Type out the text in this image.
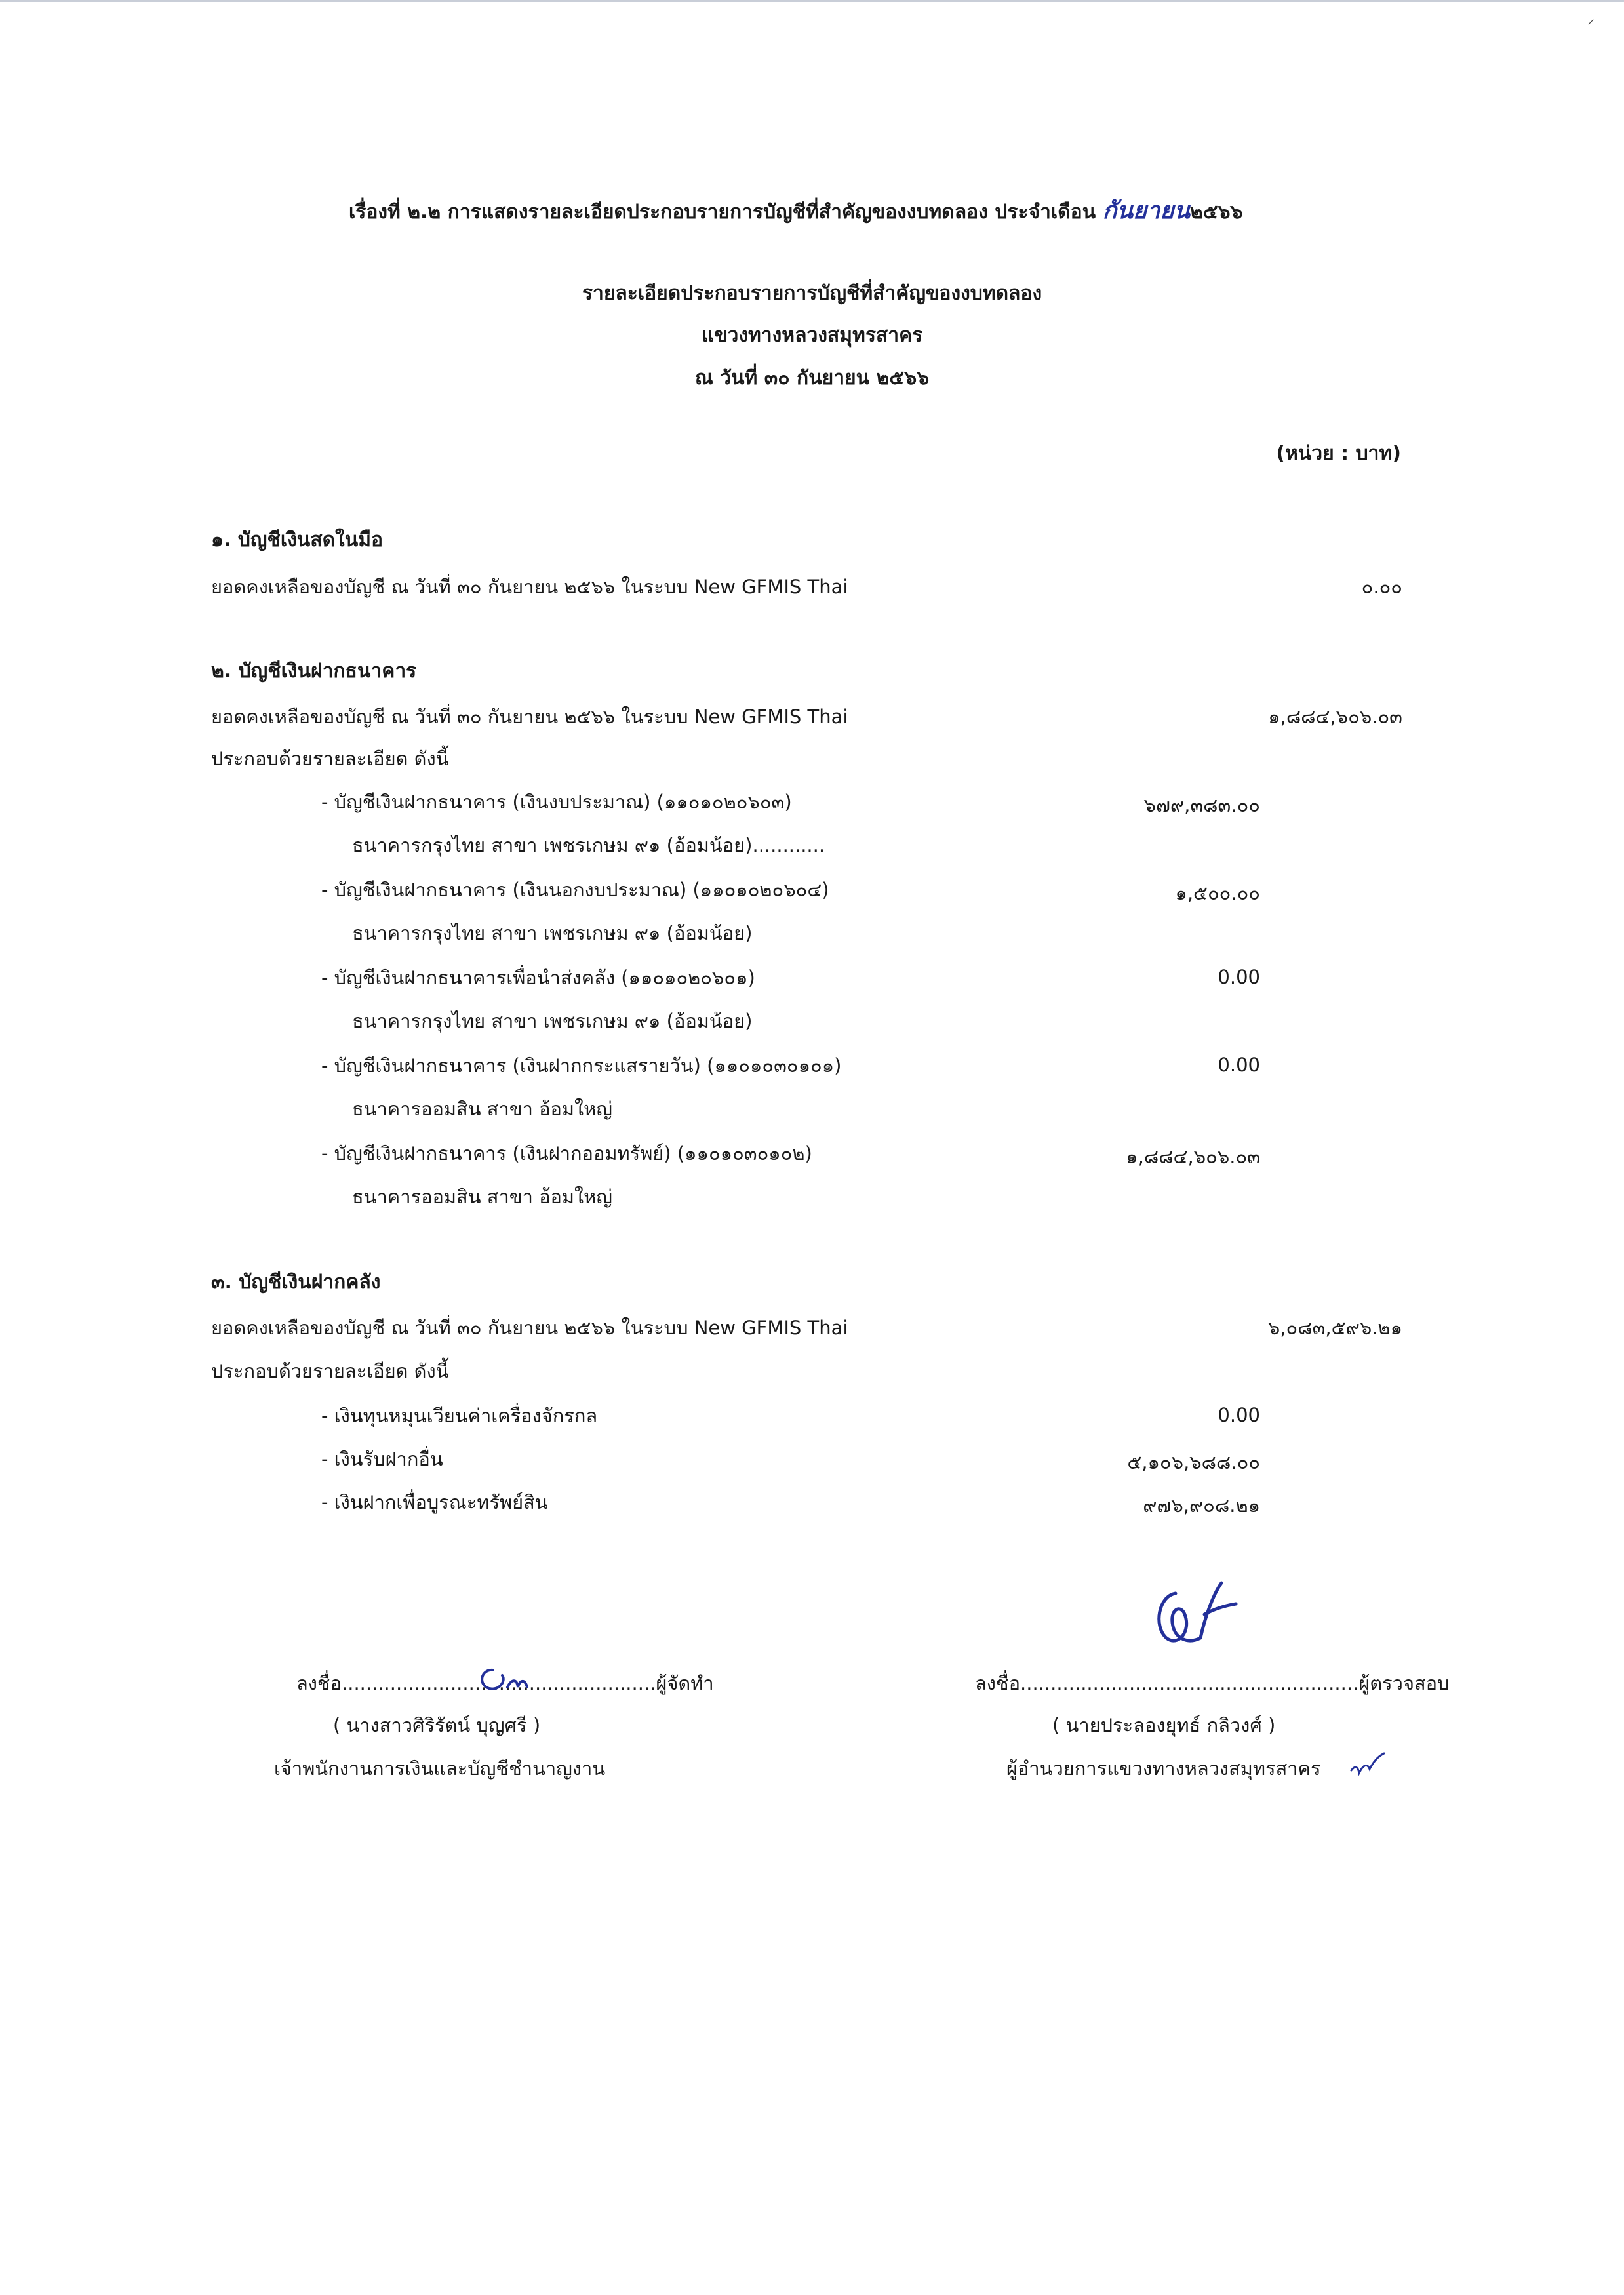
⸍
เรื่องที่ ๒.๒ การแสดงรายละเอียดประกอบรายการบัญชีที่สำคัญของงบทดลอง ประจำเดือน กันยายน๒๕๖๖
รายละเอียดประกอบรายการบัญชีที่สำคัญของงบทดลอง
แขวงทางหลวงสมุทรสาคร
ณ วันที่ ๓๐ กันยายน ๒๕๖๖
(หน่วย : บาท)
๑. บัญชีเงินสดในมือ
ยอดคงเหลือของบัญชี ณ วันที่ ๓๐ กันยายน ๒๕๖๖ ในระบบ New GFMIS Thai	๐.๐๐
๒. บัญชีเงินฝากธนาคาร
ยอดคงเหลือของบัญชี ณ วันที่ ๓๐ กันยายน ๒๕๖๖ ในระบบ New GFMIS Thai	๑,๘๘๔,๖๐๖.๐๓
ประกอบด้วยรายละเอียด ดังนี้
- บัญชีเงินฝากธนาคาร (เงินงบประมาณ) (๑๑๐๑๐๒๐๖๐๓)	๖๗๙,๓๘๓.๐๐
ธนาคารกรุงไทย สาขา เพชรเกษม ๙๑ (อ้อมน้อย)............
- บัญชีเงินฝากธนาคาร (เงินนอกงบประมาณ) (๑๑๐๑๐๒๐๖๐๔)	๑,๕๐๐.๐๐
ธนาคารกรุงไทย สาขา เพชรเกษม ๙๑ (อ้อมน้อย)
- บัญชีเงินฝากธนาคารเพื่อนำส่งคลัง (๑๑๐๑๐๒๐๖๐๑)	0.00
ธนาคารกรุงไทย สาขา เพชรเกษม ๙๑ (อ้อมน้อย)
- บัญชีเงินฝากธนาคาร (เงินฝากกระแสรายวัน) (๑๑๐๑๐๓๐๑๐๑)	0.00
ธนาคารออมสิน สาขา อ้อมใหญ่
- บัญชีเงินฝากธนาคาร (เงินฝากออมทรัพย์) (๑๑๐๑๐๓๐๑๐๒)	๑,๘๘๔,๖๐๖.๐๓
ธนาคารออมสิน สาขา อ้อมใหญ่
๓. บัญชีเงินฝากคลัง
ยอดคงเหลือของบัญชี ณ วันที่ ๓๐ กันยายน ๒๕๖๖ ในระบบ New GFMIS Thai	๖,๐๘๓,๕๙๖.๒๑
ประกอบด้วยรายละเอียด ดังนี้
- เงินทุนหมุนเวียนค่าเครื่องจักรกล	0.00
- เงินรับฝากอื่น	๕,๑๐๖,๖๘๘.๐๐
- เงินฝากเพื่อบูรณะทรัพย์สิน	๙๗๖,๙๐๘.๒๑
ลงชื่อ........................
............................ผู้จัดทำ
( นางสาวศิริรัตน์ บุญศรี )
เจ้าพนักงานการเงินและบัญชีชำนาญงาน
ลงชื่อ........................................................ผู้ตรวจสอบ
( นายประลองยุทธ์ กลิวงศ์ )
ผู้อำนวยการแขวงทางหลวงสมุทรสาคร
